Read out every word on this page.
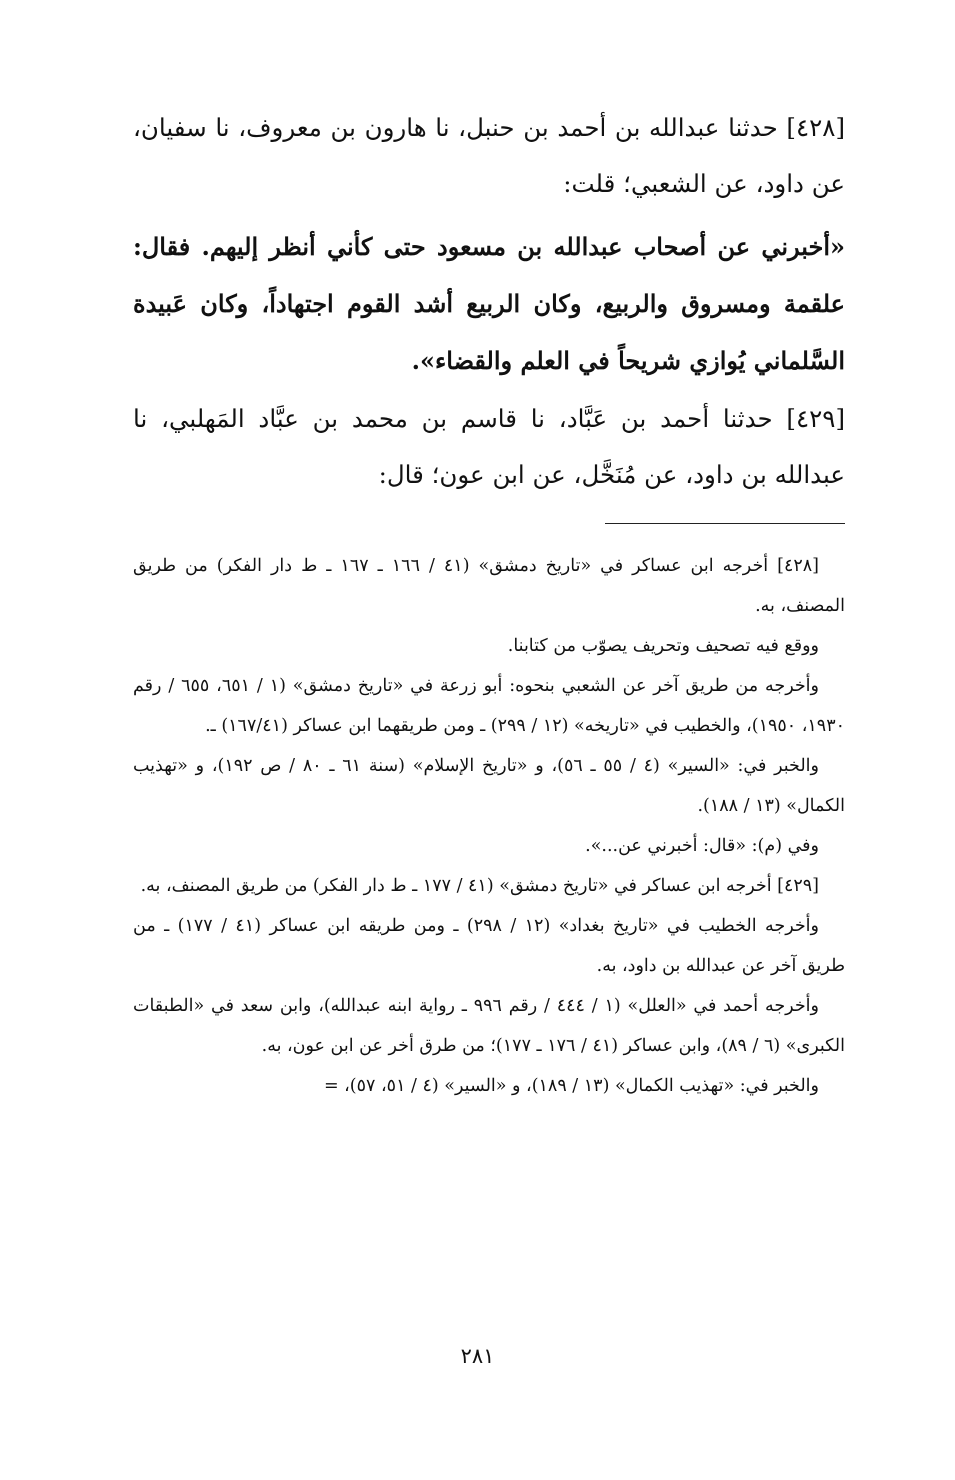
[٤٢٨] حدثنا عبدالله بن أحمد بن حنبل، نا هارون بن معروف، نا سفيان، عن داود، عن الشعبي؛ قلت:

«أخبرني عن أصحاب عبدالله بن مسعود حتى كأني أنظر إليهم. فقال: علقمة ومسروق والربيع، وكان الربيع أشد القوم اجتهاداً، وكان عَبيدة السَّلماني يُوازي شريحاً في العلم والقضاء».

[٤٢٩] حدثنا أحمد بن عَبَّاد، نا قاسم بن محمد بن عبَّاد المَهلبي، نا عبدالله بن داود، عن مُنَخَّل، عن ابن عون؛ قال:

[٤٢٨] أخرجه ابن عساكر في «تاريخ دمشق» (٤١ / ١٦٦ ـ ١٦٧ ـ ط دار الفكر) من طريق المصنف، به.

ووقع فيه تصحيف وتحريف يصوّب من كتابنا.

وأخرجه من طريق آخر عن الشعبي بنحوه: أبو زرعة في «تاريخ دمشق» (١ / ٦٥١، ٦٥٥ / رقم ١٩٣٠، ١٩٥٠)، والخطيب في «تاريخه» (١٢ / ٢٩٩) ـ ومن طريقهما ابن عساكر (١٦٧/٤١) ـ.

والخبر في: «السير» (٤ / ٥٥ ـ ٥٦)، و «تاريخ الإسلام» (سنة ٦١ ـ ٨٠ / ص ١٩٢)، و «تهذيب الكمال» (١٣ / ١٨٨).

وفي (م): «قال: أخبرني عن...».

[٤٢٩] أخرجه ابن عساكر في «تاريخ دمشق» (٤١ / ١٧٧ ـ ط دار الفكر) من طريق المصنف، به.

وأخرجه الخطيب في «تاريخ بغداد» (١٢ / ٢٩٨) ـ ومن طريقه ابن عساكر (٤١ / ١٧٧) ـ من طريق آخر عن عبدالله بن داود، به.

وأخرجه أحمد في «العلل» (١ / ٤٤٤ / رقم ٩٩٦ ـ رواية ابنه عبدالله)، وابن سعد في «الطبقات الكبرى» (٦ / ٨٩)، وابن عساكر (٤١ / ١٧٦ ـ ١٧٧)؛ من طرق أخر عن ابن عون، به.

والخبر في: «تهذيب الكمال» (١٣ / ١٨٩)، و «السير» (٤ / ٥١، ٥٧)، =

٢٨١
